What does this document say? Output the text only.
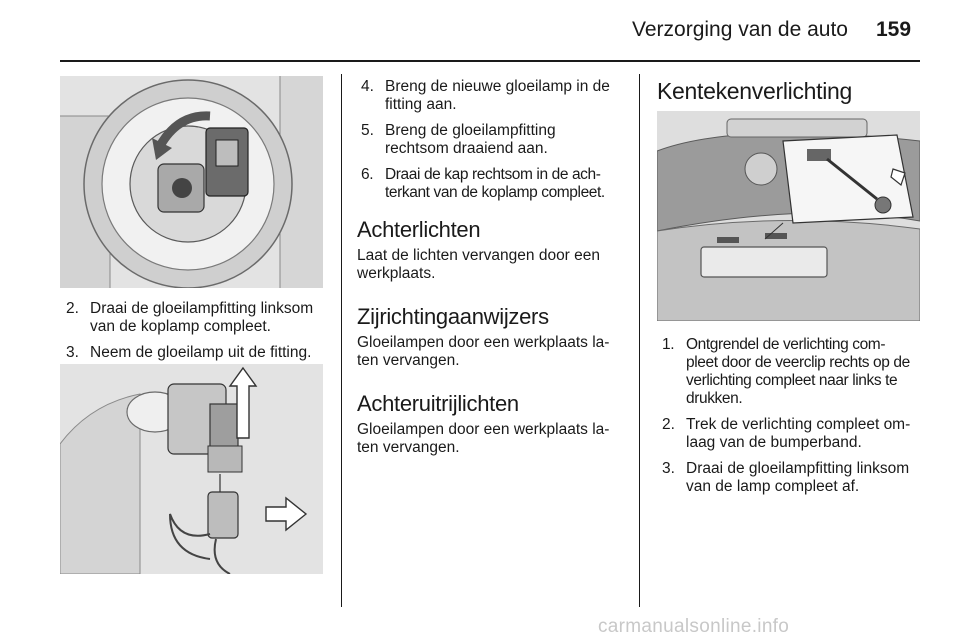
Verzorging van de auto 159
2. Draai de gloeilampfitting linksom
van de koplamp compleet.
3. Neem de gloeilamp uit de fitting.
4. Breng de nieuwe gloeilamp in de
fitting aan.
5. Breng de gloeilampfitting
rechtsom draaiend aan.
6. Draai de kap rechtsom in de ach-
terkant van de koplamp compleet.
Achterlichten
Laat de lichten vervangen door een
werkplaats.
Zijrichtingaanwijzers
Gloeilampen door een werkplaats la-
ten vervangen.
Achteruitrijlichten
Gloeilampen door een werkplaats la-
ten vervangen.
Kentekenverlichting
1. Ontgrendel de verlichting com-
pleet door de veerclip rechts op de
verlichting compleet naar links te
drukken.
2. Trek de verlichting compleet om-
laag van de bumperband.
3. Draai de gloeilampfitting linksom
van de lamp compleet af.
carmanualsonline.info
